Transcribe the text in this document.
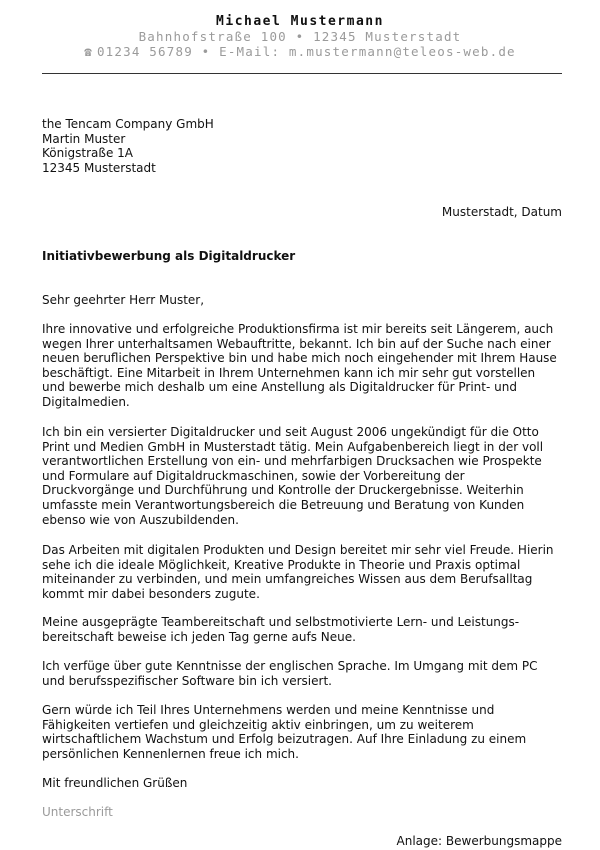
Michael Mustermann
Bahnhofstraße 100 • 12345 Musterstadt
☎ 01234 56789 • E-Mail: m.mustermann@teleos-web.de
the Tencam Company GmbH
Martin Muster
Königstraße 1A
12345 Musterstadt
Musterstadt, Datum
Initiativbewerbung als Digitaldrucker

Sehr geehrter Herr Muster,

Ihre innovative und erfolgreiche Produktionsfirma ist mir bereits seit Längerem, auch

wegen Ihrer unterhaltsamen Webauftritte, bekannt. Ich bin auf der Suche nach einer

neuen beruflichen Perspektive bin und habe mich noch eingehender mit Ihrem Hause

beschäftigt. Eine Mitarbeit in Ihrem Unternehmen kann ich mir sehr gut vorstellen

und bewerbe mich deshalb um eine Anstellung als Digitaldrucker für Print- und

Digitalmedien.

Ich bin ein versierter Digitaldrucker und seit August 2006 ungekündigt für die Otto

Print und Medien GmbH in Musterstadt tätig. Mein Aufgabenbereich liegt in der voll

verantwortlichen Erstellung von ein- und mehrfarbigen Drucksachen wie Prospekte

und Formulare auf Digitaldruckmaschinen, sowie der Vorbereitung der

Druckvorgänge und Durchführung und Kontrolle der Druckergebnisse. Weiterhin

umfasste mein Verantwortungsbereich die Betreuung und Beratung von Kunden

ebenso wie von Auszubildenden.

Das Arbeiten mit digitalen Produkten und Design bereitet mir sehr viel Freude. Hierin

sehe ich die ideale Möglichkeit, Kreative Produkte in Theorie und Praxis optimal

miteinander zu verbinden, und mein umfangreiches Wissen aus dem Berufsalltag

kommt mir dabei besonders zugute.

Meine ausgeprägte Teambereitschaft und selbstmotivierte Lern- und Leistungs-

bereitschaft beweise ich jeden Tag gerne aufs Neue.

Ich verfüge über gute Kenntnisse der englischen Sprache. Im Umgang mit dem PC

und berufsspezifischer Software bin ich versiert.

Gern würde ich Teil Ihres Unternehmens werden und meine Kenntnisse und

Fähigkeiten vertiefen und gleichzeitig aktiv einbringen, um zu weiterem

wirtschaftlichem Wachstum und Erfolg beizutragen. Auf Ihre Einladung zu einem

persönlichen Kennenlernen freue ich mich.

Mit freundlichen Grüßen

Unterschrift
Anlage: Bewerbungsmappe
